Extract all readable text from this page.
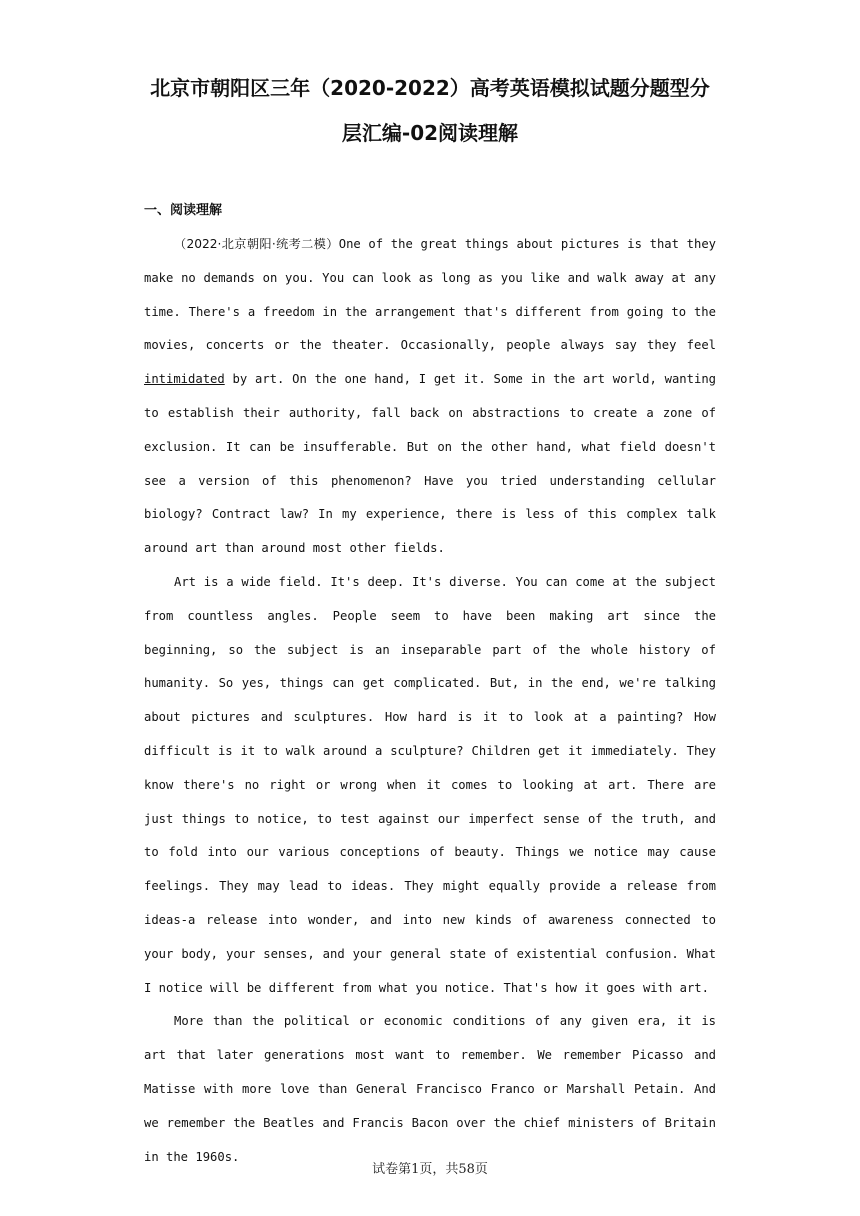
北京市朝阳区三年（2020-2022）高考英语模拟试题分题型分
层汇编-02阅读理解
一、阅读理解

（2022·北京朝阳·统考二模）One of the great things about pictures is that they make no demands on you. You can look as long as you like and walk away at any time. There's a freedom in the arrangement that's different from going to the movies, concerts or the theater. Occasionally, people always say they feel intimidated by art. On the one hand, I get it. Some in the art world, wanting to establish their authority, fall back on abstractions to create a zone of exclusion. It can be insufferable. But on the other hand, what field doesn't see a version of this phenomenon? Have you tried understanding cellular biology? Contract law? In my experience, there is less of this complex talk around art than around most other fields.

Art is a wide field. It's deep. It's diverse. You can come at the subject from countless angles. People seem to have been making art since the beginning, so the subject is an inseparable part of the whole history of humanity. So yes, things can get complicated. But, in the end, we're talking about pictures and sculptures. How hard is it to look at a painting? How difficult is it to walk around a sculpture? Children get it immediately. They know there's no right or wrong when it comes to looking at art. There are just things to notice, to test against our imperfect sense of the truth, and to fold into our various conceptions of beauty. Things we notice may cause feelings. They may lead to ideas. They might equally provide a release from ideas-a release into wonder, and into new kinds of awareness connected to your body, your senses, and your general state of existential confusion. What I notice will be different from what you notice. That's how it goes with art.

More than the political or economic conditions of any given era, it is art that later generations most want to remember. We remember Picasso and Matisse with more love than General Francisco Franco or Marshall Petain. And we remember the Beatles and Francis Bacon over the chief ministers of Britain in the 1960s.

试卷第1页，共58页
